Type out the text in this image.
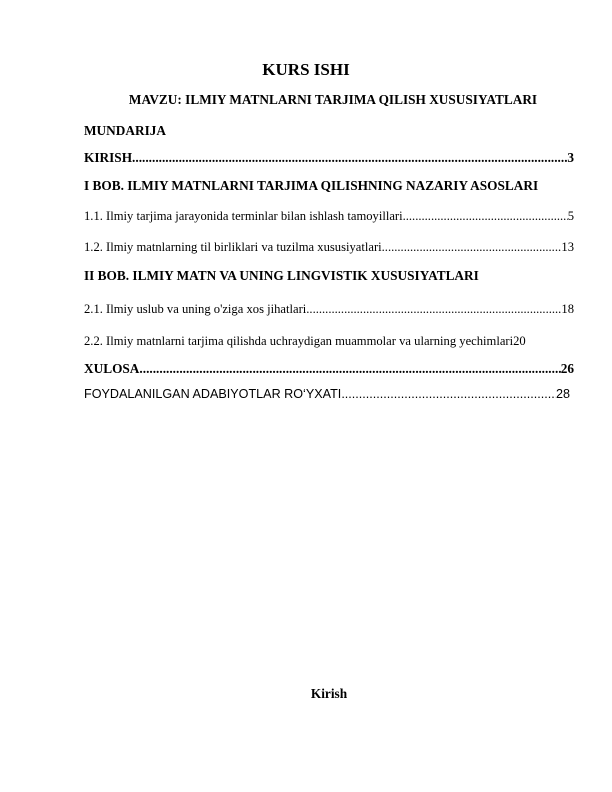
KURS ISHI
MAVZU: ILMIY MATNLARNI TARJIMA QILISH XUSUSIYATLARI
MUNDARIJA
KIRISH .....	3
I BOB. ILMIY MATNLARNI TARJIMA QILISHNING NAZARIY ASOSLARI
1.1. Ilmiy tarjima jarayonida terminlar bilan ishlash tamoyillari .....	5
1.2. Ilmiy matnlarning til birliklari va tuzilma xususiyatlari .....	13
II BOB. ILMIY MATN VA UNING LINGVISTIK XUSUSIYATLARI
2.1. Ilmiy uslub va uning o'ziga xos jihatlari .....	18
2.2. Ilmiy matnlarni tarjima qilishda uchraydigan muammolar va ularning yechimlari 20
XULOSA .....	26
FOYDALANILGAN ADABIYOTLAR RO‘YXATI .....	28
Kirish
